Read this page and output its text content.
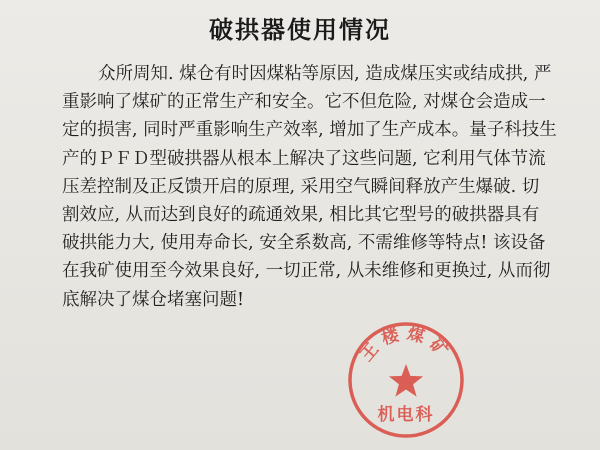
破拱器使用情况
众所周知. 煤仓有时因煤粘等原因, 造成煤压实或结成拱, 严
重影响了煤矿的正常生产和安全。它不但危险, 对煤仓会造成一
定的损害, 同时严重影响生产效率, 增加了生产成本。量子科技生
产的ＰＦＤ型破拱器从根本上解决了这些问题, 它利用气体节流
压差控制及正反馈开启的原理, 采用空气瞬间释放产生爆破. 切
割效应, 从而达到良好的疏通效果, 相比其它型号的破拱器具有
破拱能力大, 使用寿命长, 安全系数高, 不需维修等特点! 该设备
在我矿使用至今效果良好, 一切正常, 从未维修和更换过, 从而彻
底解决了煤仓堵塞问题!
王楼煤矿
机电科
